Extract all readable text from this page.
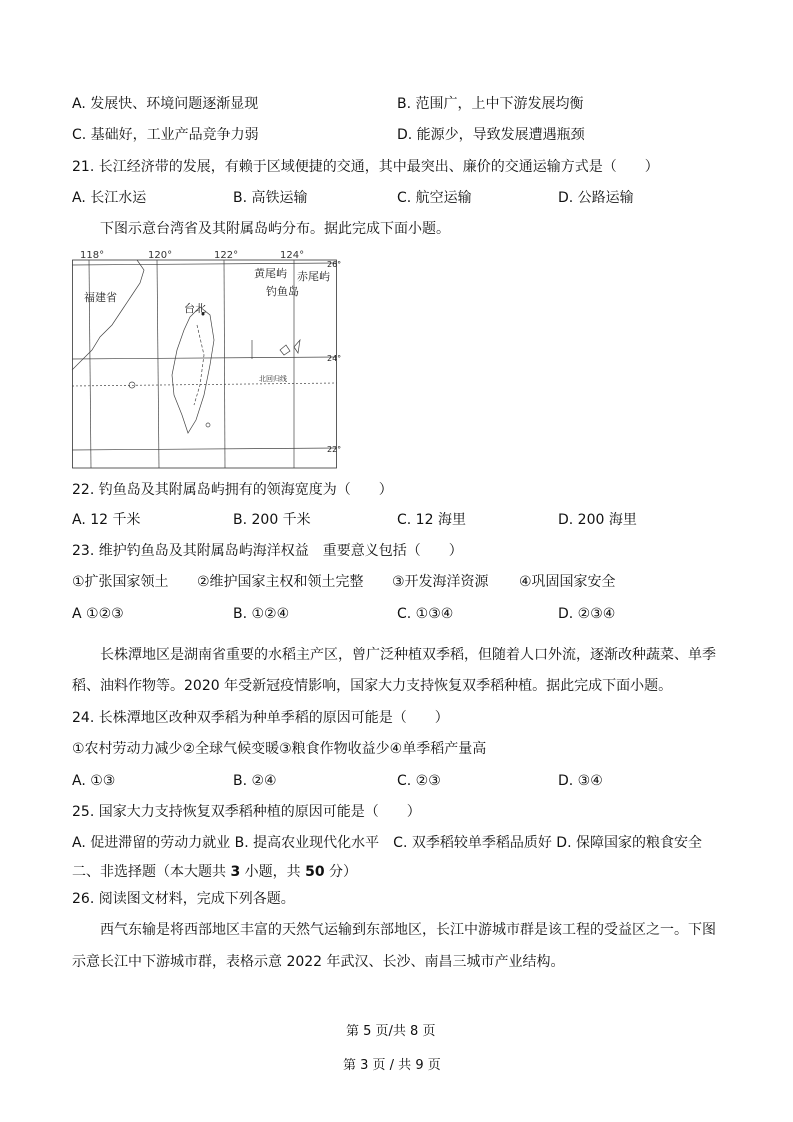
A. 发展快、环境问题逐渐显现	B. 范围广，上中下游发展均衡
C. 基础好，工业产品竞争力弱	D. 能源少，导致发展遭遇瓶颈
21. 长江经济带的发展，有赖于区域便捷的交通，其中最突出、廉价的交通运输方式是（　　）
A. 长江水运	B. 高铁运输	C. 航空运输	D. 公路运输
下图示意台湾省及其附属岛屿分布。据此完成下面小题。
118°	120°	122°	124°
26°
24°
22°
福建省
台北
黄尾屿
钓鱼岛
赤尾屿
北回归线
22. 钓鱼岛及其附属岛屿拥有的领海宽度为（　　）
A. 12 千米	B. 200 千米	C. 12 海里	D. 200 海里
23. 维护钓鱼岛及其附属岛屿海洋权益　重要意义包括（　　）
①扩张国家领土 ②维护国家主权和领土完整 ③开发海洋资源 ④巩固国家安全
A ①②③	B. ①②④	C. ①③④	D. ②③④
长株潭地区是湖南省重要的水稻主产区，曾广泛种植双季稻，但随着人口外流，逐渐改种蔬菜、单季
稻、油料作物等。2020 年受新冠疫情影响，国家大力支持恢复双季稻种植。据此完成下面小题。
24. 长株潭地区改种双季稻为种单季稻的原因可能是（　　）
①农村劳动力减少②全球气候变暖③粮食作物收益少④单季稻产量高
A. ①③	B. ②④	C. ②③	D. ③④
25. 国家大力支持恢复双季稻种植的原因可能是（　　）
A. 促进滞留的劳动力就业 B. 提高农业现代化水平　C. 双季稻较单季稻品质好 D. 保障国家的粮食安全
二、非选择题（本大题共 3 小题，共 50 分）
26. 阅读图文材料，完成下列各题。
西气东输是将西部地区丰富的天然气运输到东部地区，长江中游城市群是该工程的受益区之一。下图
示意长江中下游城市群，表格示意 2022 年武汉、长沙、南昌三城市产业结构。
第 5 页/共 8 页
第 3 页 / 共 9 页
